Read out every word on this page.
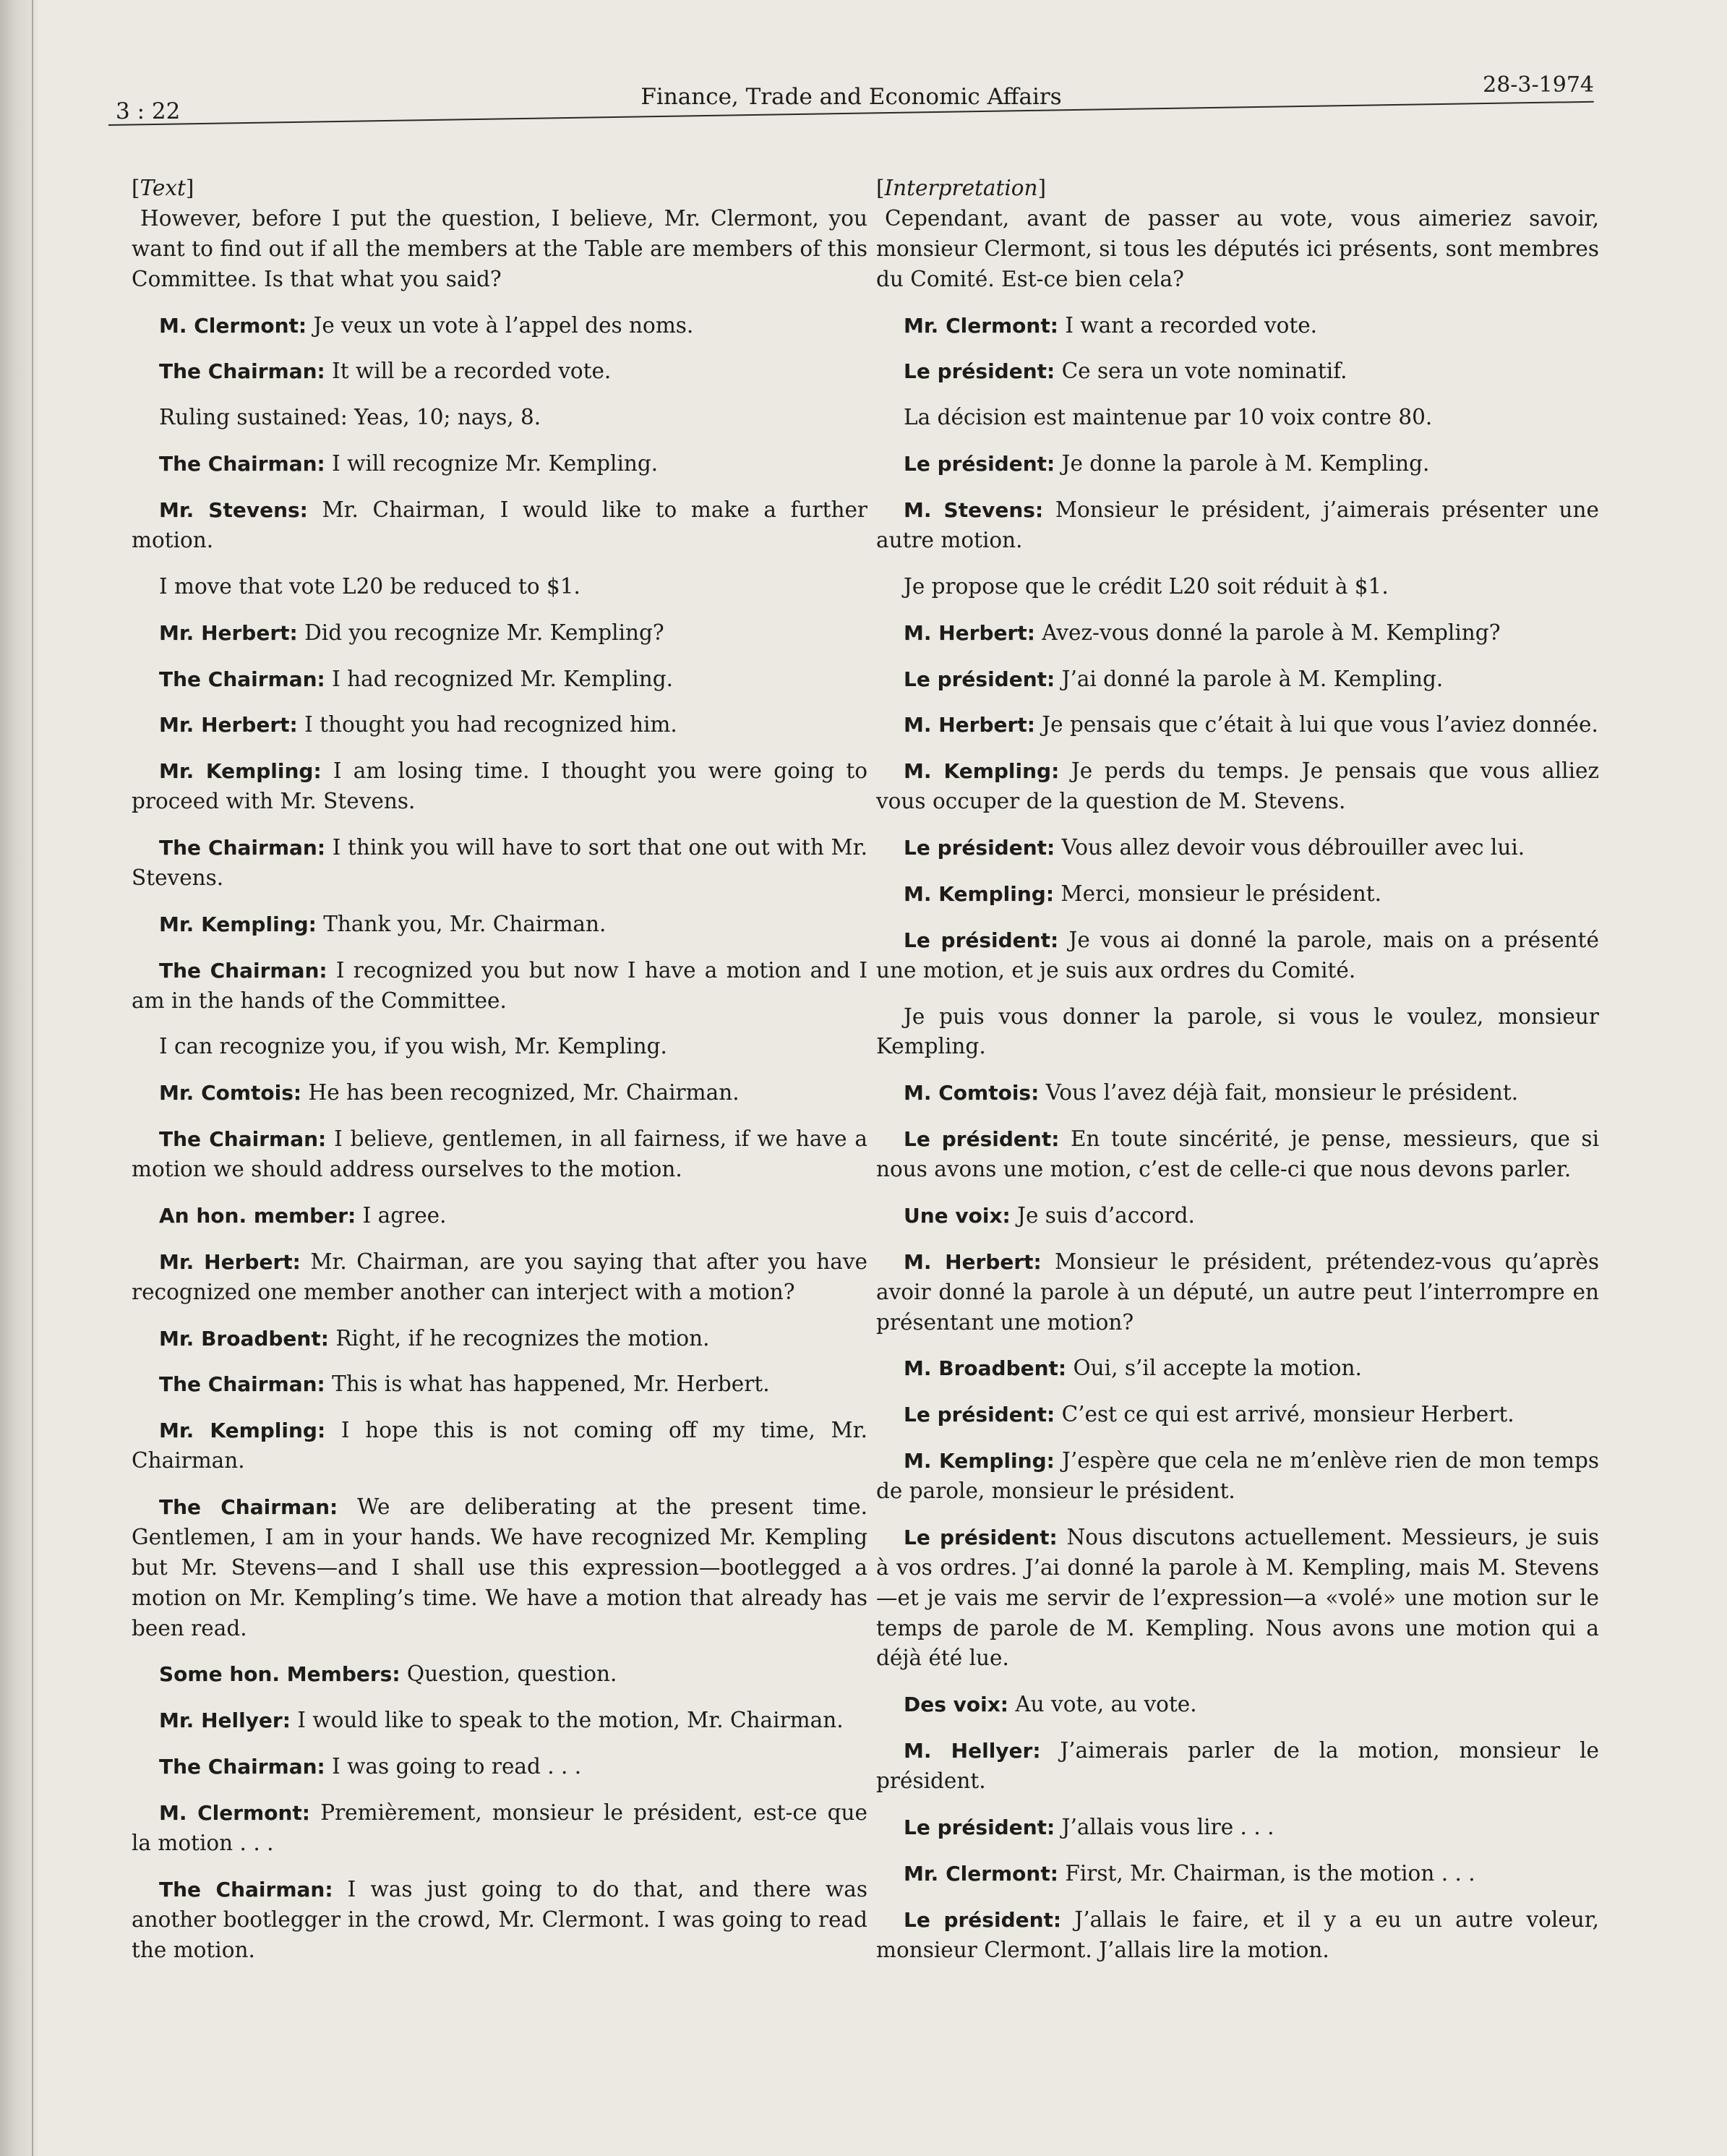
3 : 22
Finance, Trade and Economic Affairs	28-3-1974
[ Text ]

However, before I put the question, I believe, Mr. Clermont, you want to find out if all the members at the Table are members of this Committee. Is that what you said?

M. Clermont: Je veux un vote à l’appel des noms.

The Chairman: It will be a recorded vote.

Ruling sustained: Yeas, 10; nays, 8.

The Chairman: I will recognize Mr. Kempling.

Mr. Stevens: Mr. Chairman, I would like to make a further motion.

I move that vote L20 be reduced to $1.

Mr. Herbert: Did you recognize Mr. Kempling?

The Chairman: I had recognized Mr. Kempling.

Mr. Herbert: I thought you had recognized him.

Mr. Kempling: I am losing time. I thought you were going to proceed with Mr. Stevens.

The Chairman: I think you will have to sort that one out with Mr. Stevens.

Mr. Kempling: Thank you, Mr. Chairman.

The Chairman: I recognized you but now I have a motion and I am in the hands of the Committee.

I can recognize you, if you wish, Mr. Kempling.

Mr. Comtois: He has been recognized, Mr. Chairman.

The Chairman: I believe, gentlemen, in all fairness, if we have a motion we should address ourselves to the motion.

An hon. member: I agree.

Mr. Herbert: Mr. Chairman, are you saying that after you have recognized one member another can interject with a motion?

Mr. Broadbent: Right, if he recognizes the motion.

The Chairman: This is what has happened, Mr. Herbert.

Mr. Kempling: I hope this is not coming off my time, Mr. Chairman.

The Chairman: We are deliberating at the present time. Gentlemen, I am in your hands. We have recognized Mr. Kempling but Mr. Stevens—and I shall use this expression—bootlegged a motion on Mr. Kempling’s time. We have a motion that already has been read.

Some hon. Members: Question, question.

Mr. Hellyer: I would like to speak to the motion, Mr. Chairman.

The Chairman: I was going to read . . .

M. Clermont: Premièrement, monsieur le président, est-ce que la motion . . .

The Chairman: I was just going to do that, and there was another bootlegger in the crowd, Mr. Clermont. I was going to read the motion.

[ Interpretation ]

Cependant, avant de passer au vote, vous aimeriez savoir, monsieur Clermont, si tous les députés ici présents, sont membres du Comité. Est-ce bien cela?

Mr. Clermont: I want a recorded vote.

Le président: Ce sera un vote nominatif.

La décision est maintenue par 10 voix contre 80.

Le président: Je donne la parole à M. Kempling.

M. Stevens: Monsieur le président, j’aimerais présenter une autre motion.

Je propose que le crédit L20 soit réduit à $1.

M. Herbert: Avez-vous donné la parole à M. Kempling?

Le président: J’ai donné la parole à M. Kempling.

M. Herbert: Je pensais que c’était à lui que vous l’aviez donnée.

M. Kempling: Je perds du temps. Je pensais que vous alliez vous occuper de la question de M. Stevens.

Le président: Vous allez devoir vous débrouiller avec lui.

M. Kempling: Merci, monsieur le président.

Le président: Je vous ai donné la parole, mais on a présenté une motion, et je suis aux ordres du Comité.

Je puis vous donner la parole, si vous le voulez, monsieur Kempling.

M. Comtois: Vous l’avez déjà fait, monsieur le président.

Le président: En toute sincérité, je pense, messieurs, que si nous avons une motion, c’est de celle-ci que nous devons parler.

Une voix: Je suis d’accord.

M. Herbert: Monsieur le président, prétendez-vous qu’après avoir donné la parole à un député, un autre peut l’interrompre en présentant une motion?

M. Broadbent: Oui, s’il accepte la motion.

Le président: C’est ce qui est arrivé, monsieur Herbert.

M. Kempling: J’espère que cela ne m’enlève rien de mon temps de parole, monsieur le président.

Le président: Nous discutons actuellement. Messieurs, je suis à vos ordres. J’ai donné la parole à M. Kempling, mais M. Stevens—et je vais me servir de l’expression—a «volé» une motion sur le temps de parole de M. Kempling. Nous avons une motion qui a déjà été lue.

Des voix: Au vote, au vote.

M. Hellyer: J’aimerais parler de la motion, monsieur le président.

Le président: J’allais vous lire . . .

Mr. Clermont: First, Mr. Chairman, is the motion . . .

Le président: J’allais le faire, et il y a eu un autre voleur, monsieur Clermont. J’allais lire la motion.
